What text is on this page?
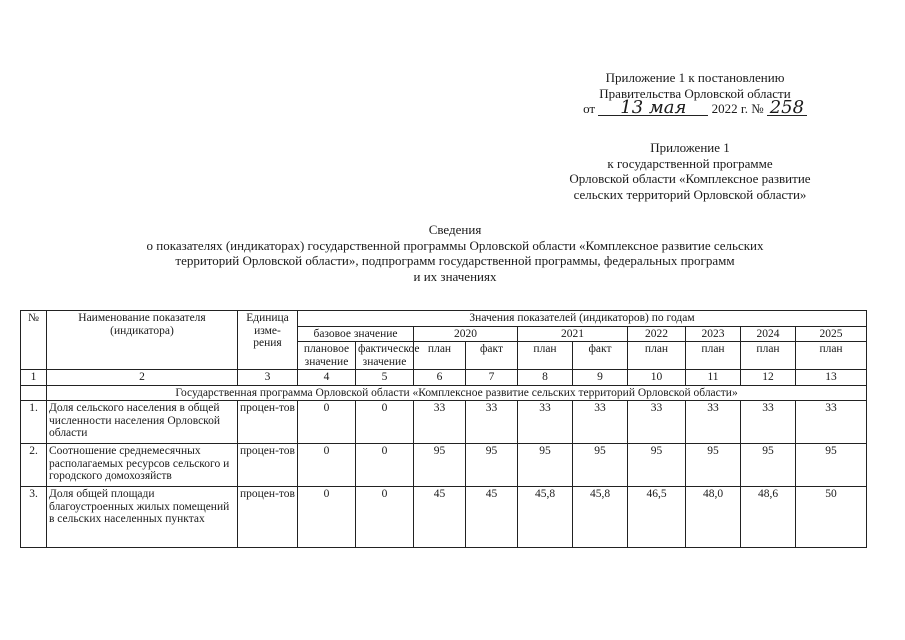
Приложение 1 к постановлению
Правительства Орловской области
от 13 мая 2022 г. № 258
Приложение 1
к государственной программе
Орловской области «Комплексное развитие
сельских территорий Орловской области»
Сведения
о показателях (индикаторах) государственной программы Орловской области «Комплексное развитие сельских
территорий Орловской области», подпрограмм государственной программы, федеральных программ
и их значениях
№	Наименование показателя (индикатора)	Единица изме-рения	Значения показателей (индикаторов) по годам									
			базовое значение		2020		2021		2022	2023	2024	2025
			плановое значение	фактическое значение	план	факт	план	факт	план	план	план	план
1	2	3	4	5	6	7	8	9	10	11	12	13
	Государственная программа Орловской области «Комплексное развитие сельских территорий Орловской области»											
1.	Доля сельского населения в общей численности населения Орловской области	процен-тов	0	0	33	33	33	33	33	33	33	33
2.	Соотношение среднемесячных располагаемых ресурсов сельского и городского домохозяйств	процен-тов	0	0	95	95	95	95	95	95	95	95
3.	Доля общей площади благоустроенных жилых помещений в сельских населенных пунктах	процен-тов	0	0	45	45	45,8	45,8	46,5	48,0	48,6	50
